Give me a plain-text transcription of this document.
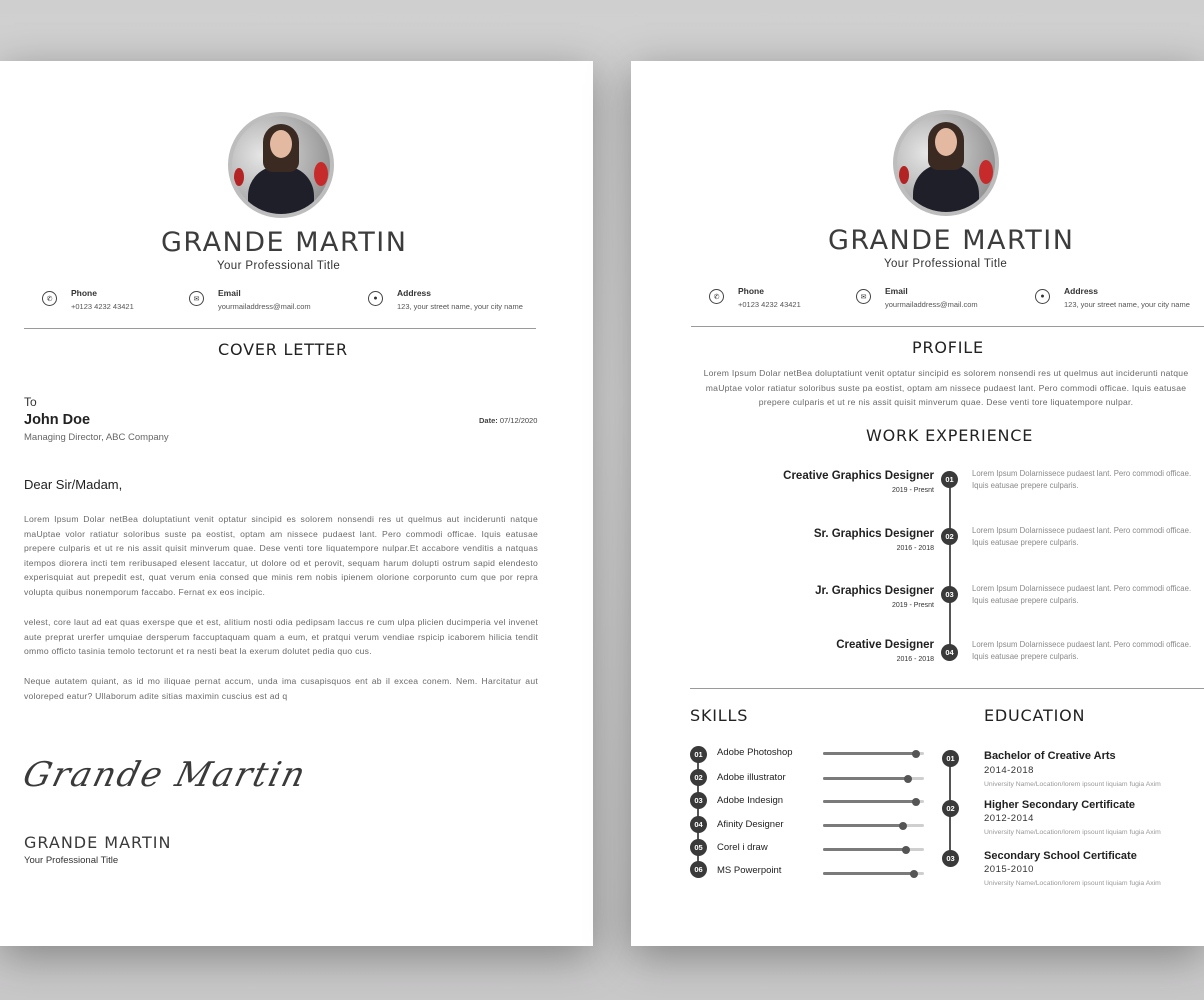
GRANDE MARTIN
Your Professional Title
✆
Phone
+0123 4232 43421
✉
Email
yourmailaddress@mail.com
●
Address
123, your street name, your city name
COVER LETTER
To
John Doe
Managing Director, ABC Company
Date: 07/12/2020
Dear Sir/Madam,
Lorem Ipsum Dolar netBea doluptatiunt venit optatur sincipid es solorem nonsendi res ut quelmus aut inciderunti natque maUptae volor ratiatur soloribus suste pa eostist, optam am nissece pudaest lant. Pero commodi officae. Iquis eatusae prepere culparis et ut re nis assit quisit minverum quae. Dese venti tore liquatempore nulpar.Et accabore venditis a natquas itempos diorera incti tem reribusaped elesent laccatur, ut dolore od et perovit, sequam harum dolupti ostrum sapid elendesto experisquiat aut prepedit est, quat verum enia consed que minis rem nobis ipienem olorione corporunto cum que por repra volupta quibus nonemporum faccabo. Fernat ex eos incipic.
velest, core laut ad eat quas exerspe que et est, alitium nosti odia pedipsam laccus re cum ulpa plicien ducimperia vel invenet aute preprat urerfer umquiae dersperum faccuptaquam quam a eum, et pratqui verum vendiae rspicip icaborem hilicia tendit ommo officto tasinia temolo tectorunt et ra nesti beat la exerum dolutet pedia quo cus.
Neque autatem quiant, as id mo iliquae pernat accum, unda ima cusapisquos ent ab il excea conem. Nem. Harcitatur aut voloreped eatur? Ullaborum adite sitias maximin cuscius est ad q
Grande Martin
GRANDE MARTIN
Your Professional Title
GRANDE MARTIN
Your Professional Title
✆
Phone
+0123 4232 43421
✉
Email
yourmailaddress@mail.com
●
Address
123, your street name, your city name
PROFILE
Lorem Ipsum Dolar netBea doluptatiunt venit optatur sincipid es solorem nonsendi res ut quelmus aut inciderunti natque maUptae volor ratiatur soloribus suste pa eostist, optam am nissece pudaest lant. Pero commodi officae. Iquis eatusae prepere culparis et ut re nis assit quisit minverum quae. Dese venti tore liquatempore nulpar.
WORK EXPERIENCE
Creative Graphics Designer
2019 - Presnt
01
Lorem Ipsum Dolarnissece pudaest lant. Pero commodi officae. Iquis eatusae prepere culparis.
Sr. Graphics Designer
2016 - 2018
02
Lorem Ipsum Dolarnissece pudaest lant. Pero commodi officae. Iquis eatusae prepere culparis.
Jr. Graphics Designer
2019 - Presnt
03
Lorem Ipsum Dolarnissece pudaest lant. Pero commodi officae. Iquis eatusae prepere culparis.
Creative Designer
2016 - 2018
04
Lorem Ipsum Dolarnissece pudaest lant. Pero commodi officae. Iquis eatusae prepere culparis.
SKILLS
01	Adobe Photoshop
02	Adobe illustrator
03	Adobe Indesign
04	Afinity Designer
05	Corel i draw
06	MS Powerpoint
EDUCATION
01	Bachelor of Creative Arts
2014-2018
University Name/Location/lorem ipsount liquiam fugia Axim
02	Higher Secondary Certificate
2012-2014
University Name/Location/lorem ipsount liquiam fugia Axim
03	Secondary School Certificate
2015-2010
University Name/Location/lorem ipsount liquiam fugia Axim
